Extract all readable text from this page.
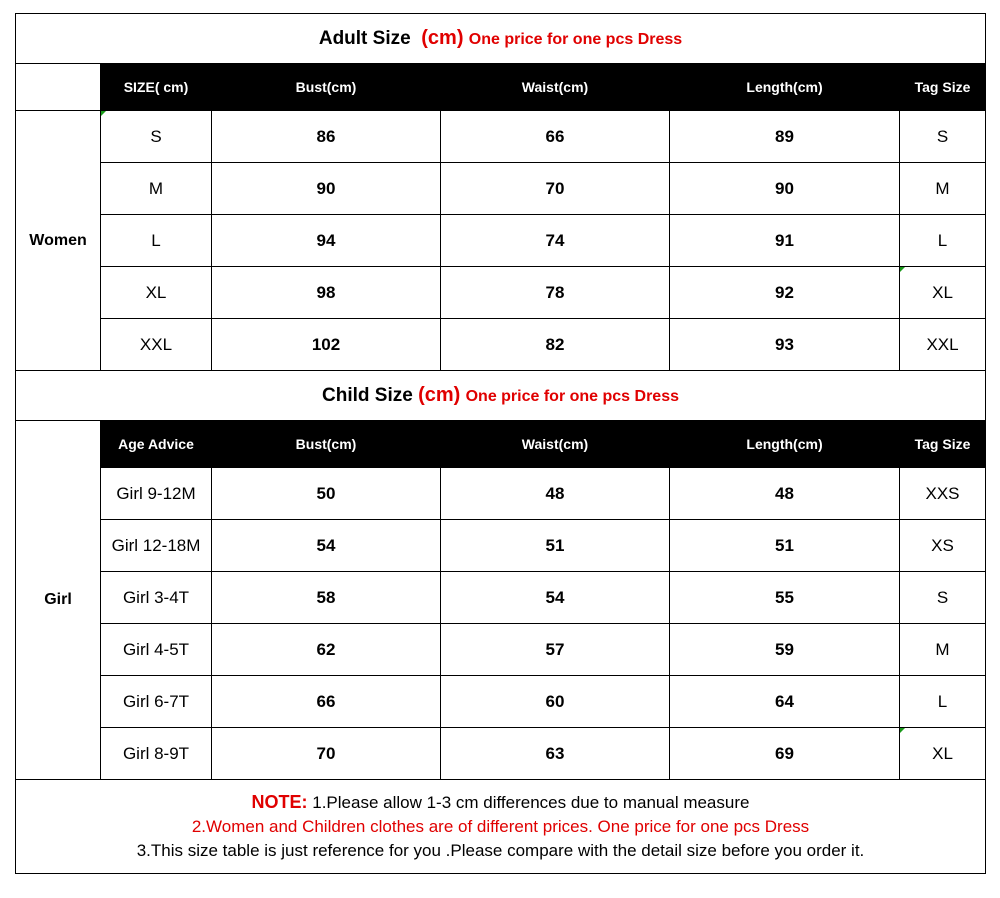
Adult Size (cm) One price for one pcs Dress					
	SIZE( cm)	Bust(cm)	Waist(cm)	Length(cm)	Tag Size
Women	S	86	66	89	S
	M	90	70	90	M
	L	94	74	91	L
	XL	98	78	92	XL
	XXL	102	82	93	XXL
Child Size (cm) One price for one pcs Dress					
Girl	Age Advice	Bust(cm)	Waist(cm)	Length(cm)	Tag Size
	Girl 9-12M	50	48	48	XXS
	Girl 12-18M	54	51	51	XS
	Girl 3-4T	58	54	55	S
	Girl 4-5T	62	57	59	M
	Girl 6-7T	66	60	64	L
	Girl 8-9T	70	63	69	XL

NOTE: 1.Please allow 1-3 cm differences due to manual measure
2.Women and Children clothes are of different prices. One price for one pcs Dress
3.This size table is just reference for you .Please compare with the detail size before you order it.					
